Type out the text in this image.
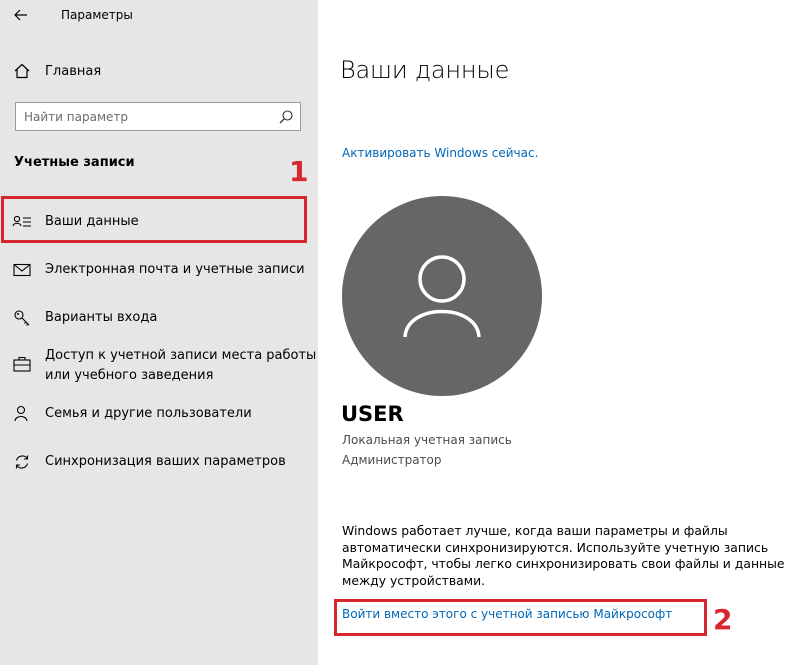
Параметры
Главная
Найти параметр
Учетные записи
Ваши данные
Электронная почта и учетные записи
Варианты входа
Доступ к учетной записи места работы
или учебного заведения
Семья и другие пользователи
Синхронизация ваших параметров
1
Ваши данные
Активировать Windows сейчас.
USER
Локальная учетная запись
Администратор
Windows работает лучше, когда ваши параметры и файлы
автоматически синхронизируются. Используйте учетную запись
Майкрософт, чтобы легко синхронизировать свои файлы и данные
между устройствами.
Войти вместо этого с учетной записью Майкрософт 2
